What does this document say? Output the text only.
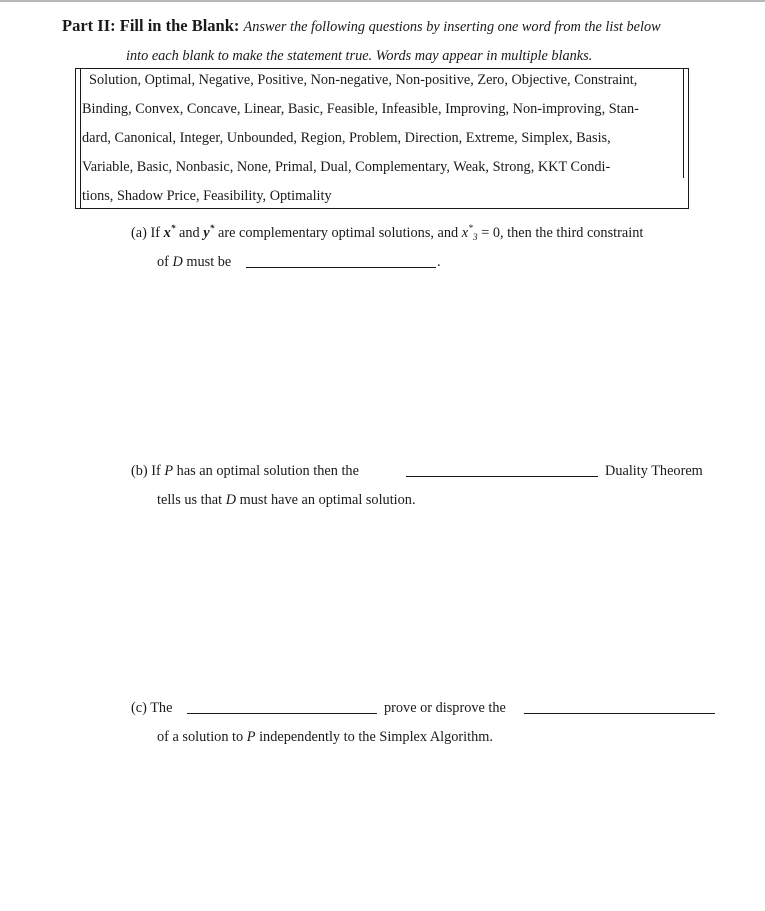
Part II: Fill in the Blank: Answer the following questions by inserting one word from the list below
into each blank to make the statement true. Words may appear in multiple blanks.
Solution, Optimal, Negative, Positive, Non-negative, Non-positive, Zero, Objective, Constraint,
Binding, Convex, Concave, Linear, Basic, Feasible, Infeasible, Improving, Non-improving, Stan-
dard, Canonical, Integer, Unbounded, Region, Problem, Direction, Extreme, Simplex, Basis,
Variable, Basic, Nonbasic, None, Primal, Dual, Complementary, Weak, Strong, KKT Condi-
tions, Shadow Price, Feasibility, Optimality
(a) If x* and y* are complementary optimal solutions, and $x^*_3 = 0$, then the third constraint
of D must be	.
(b) If P has an optimal solution then the	Duality Theorem
tells us that D must have an optimal solution.
(c) The	prove or disprove the
of a solution to P independently to the Simplex Algorithm.
